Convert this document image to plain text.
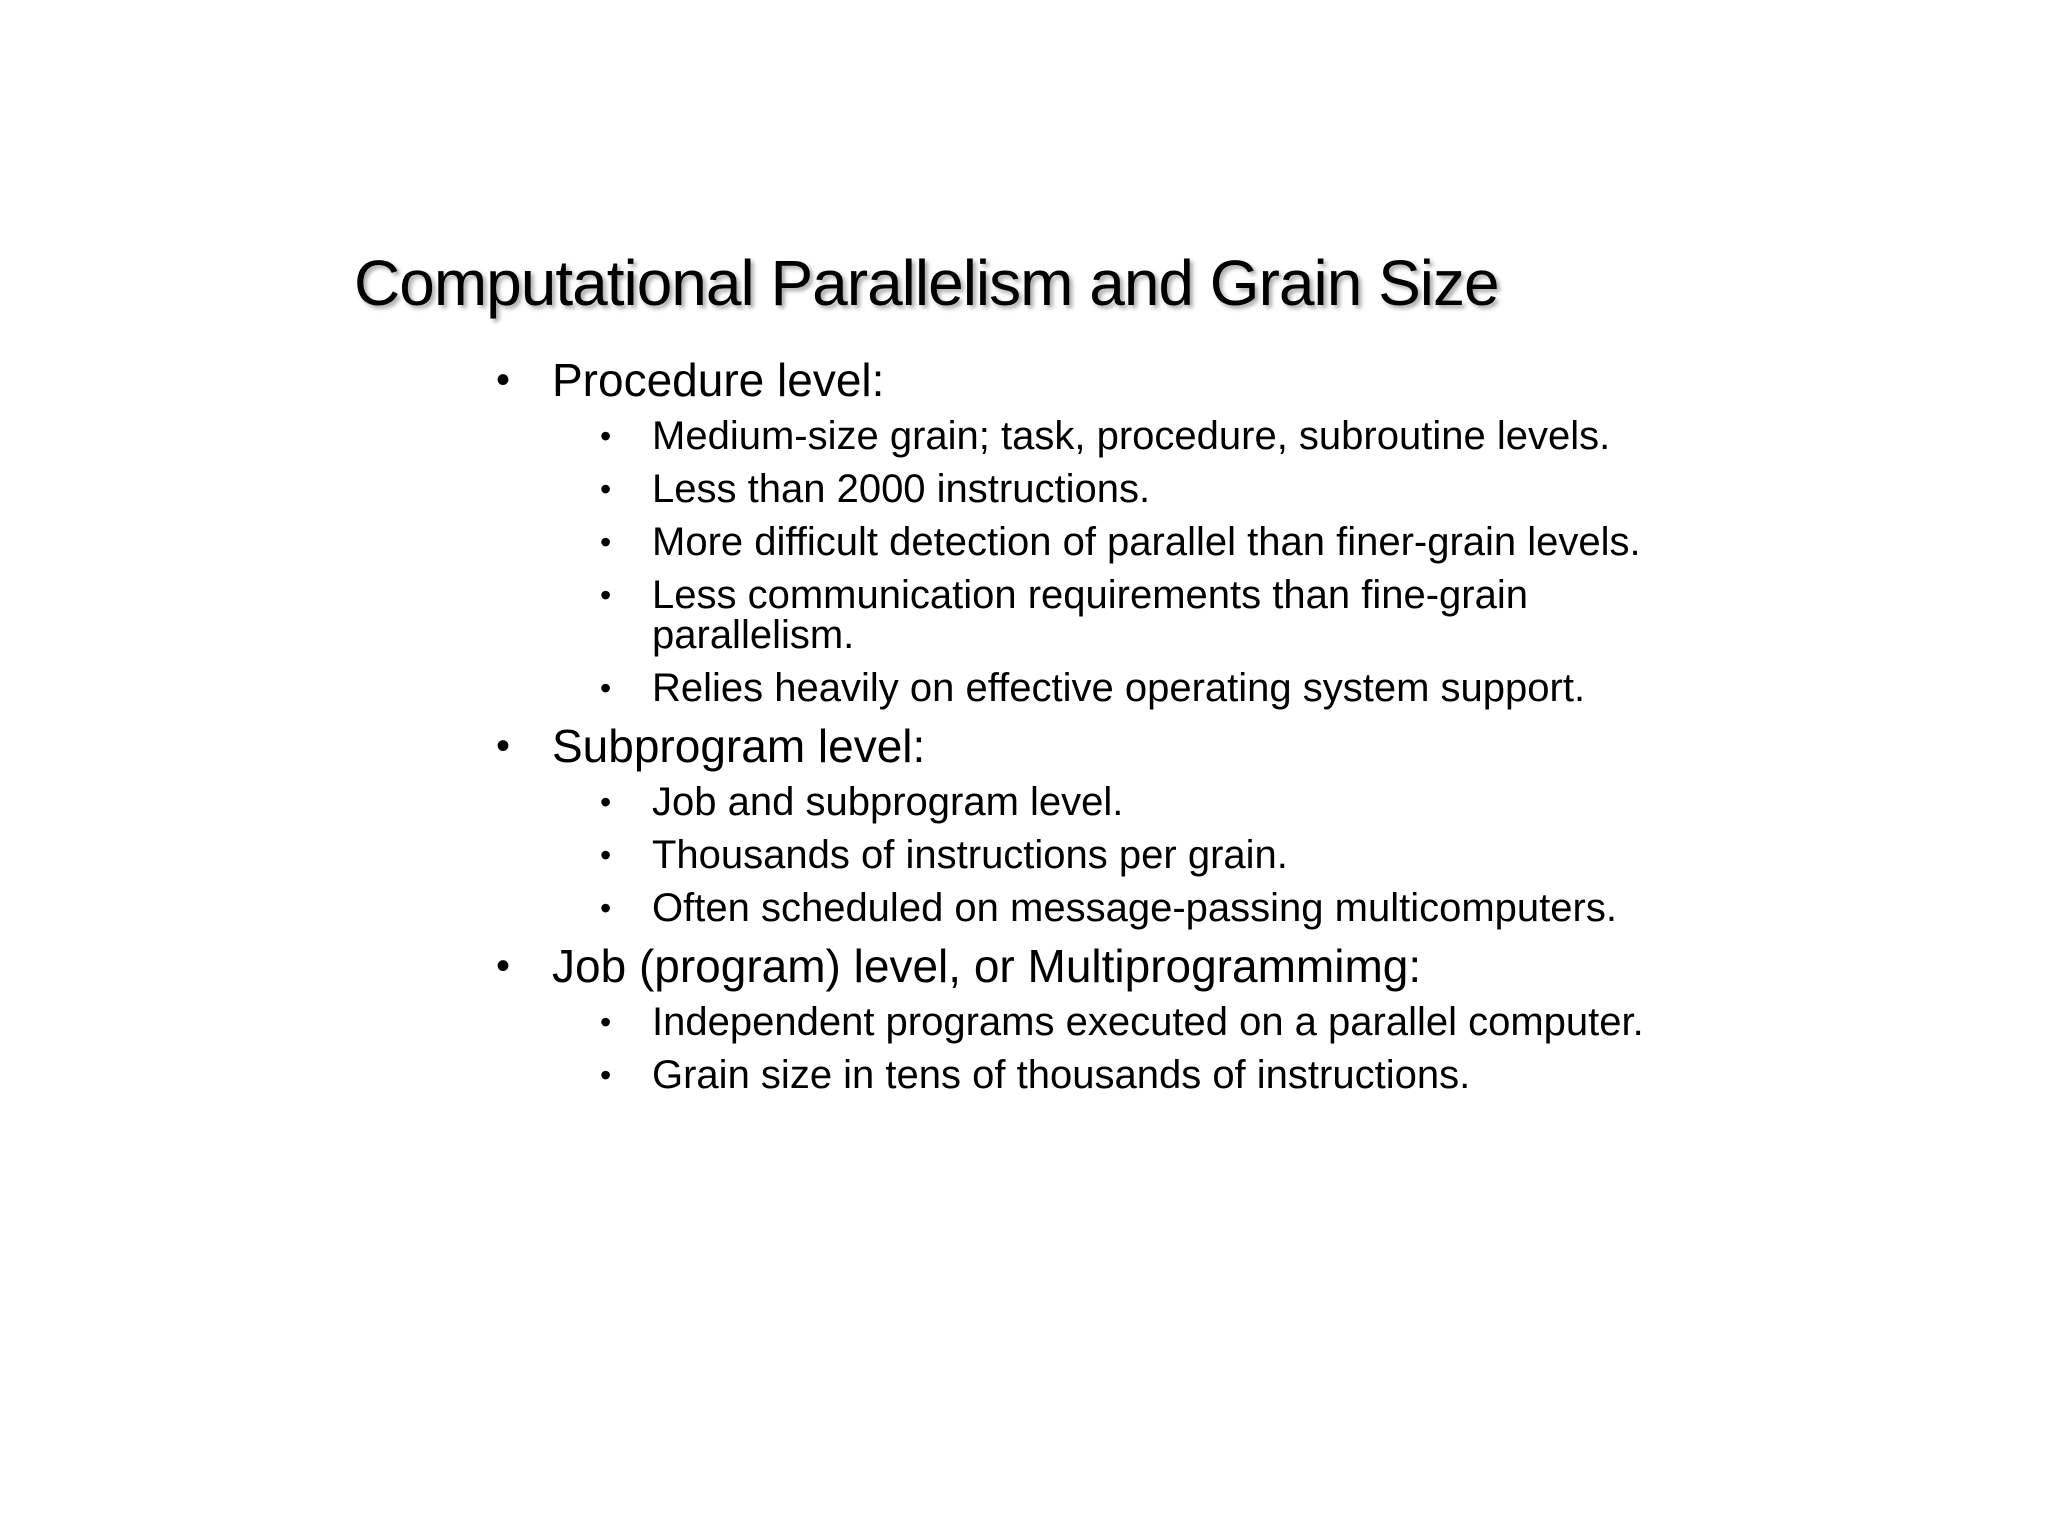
Computational Parallelism and Grain Size
• Procedure level:
•	Medium-size grain; task, procedure, subroutine levels.
•	Less than 2000 instructions.
•	More difficult detection of parallel than finer-grain levels.
•	Less communication requirements than fine-grain parallelism.
•	Relies heavily on effective operating system support.
• Subprogram level:
•	Job and subprogram level.
•	Thousands of instructions per grain.
•	Often scheduled on message-passing multicomputers.
• Job (program) level, or Multiprogrammimg:
•	Independent programs executed on a parallel computer.
•	Grain size in tens of thousands of instructions.
